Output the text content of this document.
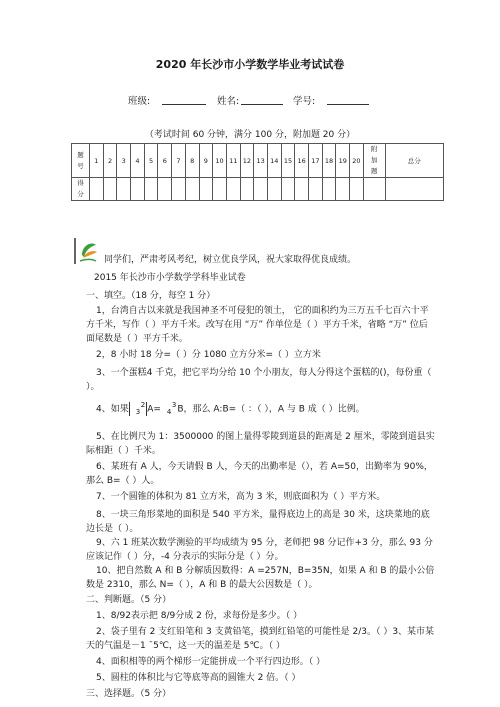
2020 年长沙市小学数学毕业考试试卷
班级:	姓名:	学号:
（考试时间 60 分钟，满分 100 分，附加题 20 分）
题号	1	2	3	4	5	6	7	8	9	10	11	12	13	14	15	16	17	18	19	20	附加题	总分
得分																						
同学们，严肃考风考纪，树立优良学风，祝大家取得优良成绩。
2015 年长沙市小学数学学科毕业试卷
一、填空。（18 分，每空 1 分）
1，台湾自古以来就是我国神圣不可侵犯的领土， 它的面积约为三万五千七百六十平方千米，写作（ ）平方千米。改写在用 “万” 作单位是（ ）平方千米，省略 “万” 位后面尾数是（ ）平方千米。
2，8 小时 18 分=（ ）分 1080 立方分米=（ ）立方米
3、一个蛋糕4 千克，把它平均分给 10 个小朋友，每人分得这个蛋糕的()，每份重（ ）。
4、如果 2
3 A= 3
4 B，那么 A:B=（ ：（ ），A 与 B 成（ ）比例。
5、在比例尺为 1：3500000 的图上量得零陵到道县的距离是 2 厘米，零陵到道县实际相距（ ）千米。
6、某班有 A 人，今天请假 B 人，今天的出勤率是（），若 A=50，出勤率为 90%，那么 B=（ ）人。
7、一个圆锥的体积为 81 立方米，高为 3 米，则底面积为（ ）平方米。
8、一块三角形菜地的面积是 540 平方米，量得底边上的高是 30 米，这块菜地的底边长是（ ）。
9、六 1 班某次数学测验的平均成绩为 95 分，老师把 98 分记作+3 分，那么 93 分应该记作（ ）分，-4 分表示的实际分是（ ）分。
10、把自然数 A 和 B 分解质因数得：A =257N，B=35N，如果 A 和 B 的最小公倍数是 2310，那么 N=（ ），A 和 B 的最大公因数是（ ）。
二、判断题。（5 分）
1、8/92表示把 8/9分成 2 份，求每份是多少。（ ）
2、袋子里有 2 支红铅笔和 3 支黄铅笔，摸到红铅笔的可能性是 2/3。（ ）3、某市某天的气温是－1 ¯5℃，这一天的温差是 5℃。（ ）
4、面积相等的两个梯形一定能拼成一个平行四边形。（ ）
5、圆柱的体积比与它等底等高的圆锥大 2 倍。（ ）
三、选择题。（5 分）
